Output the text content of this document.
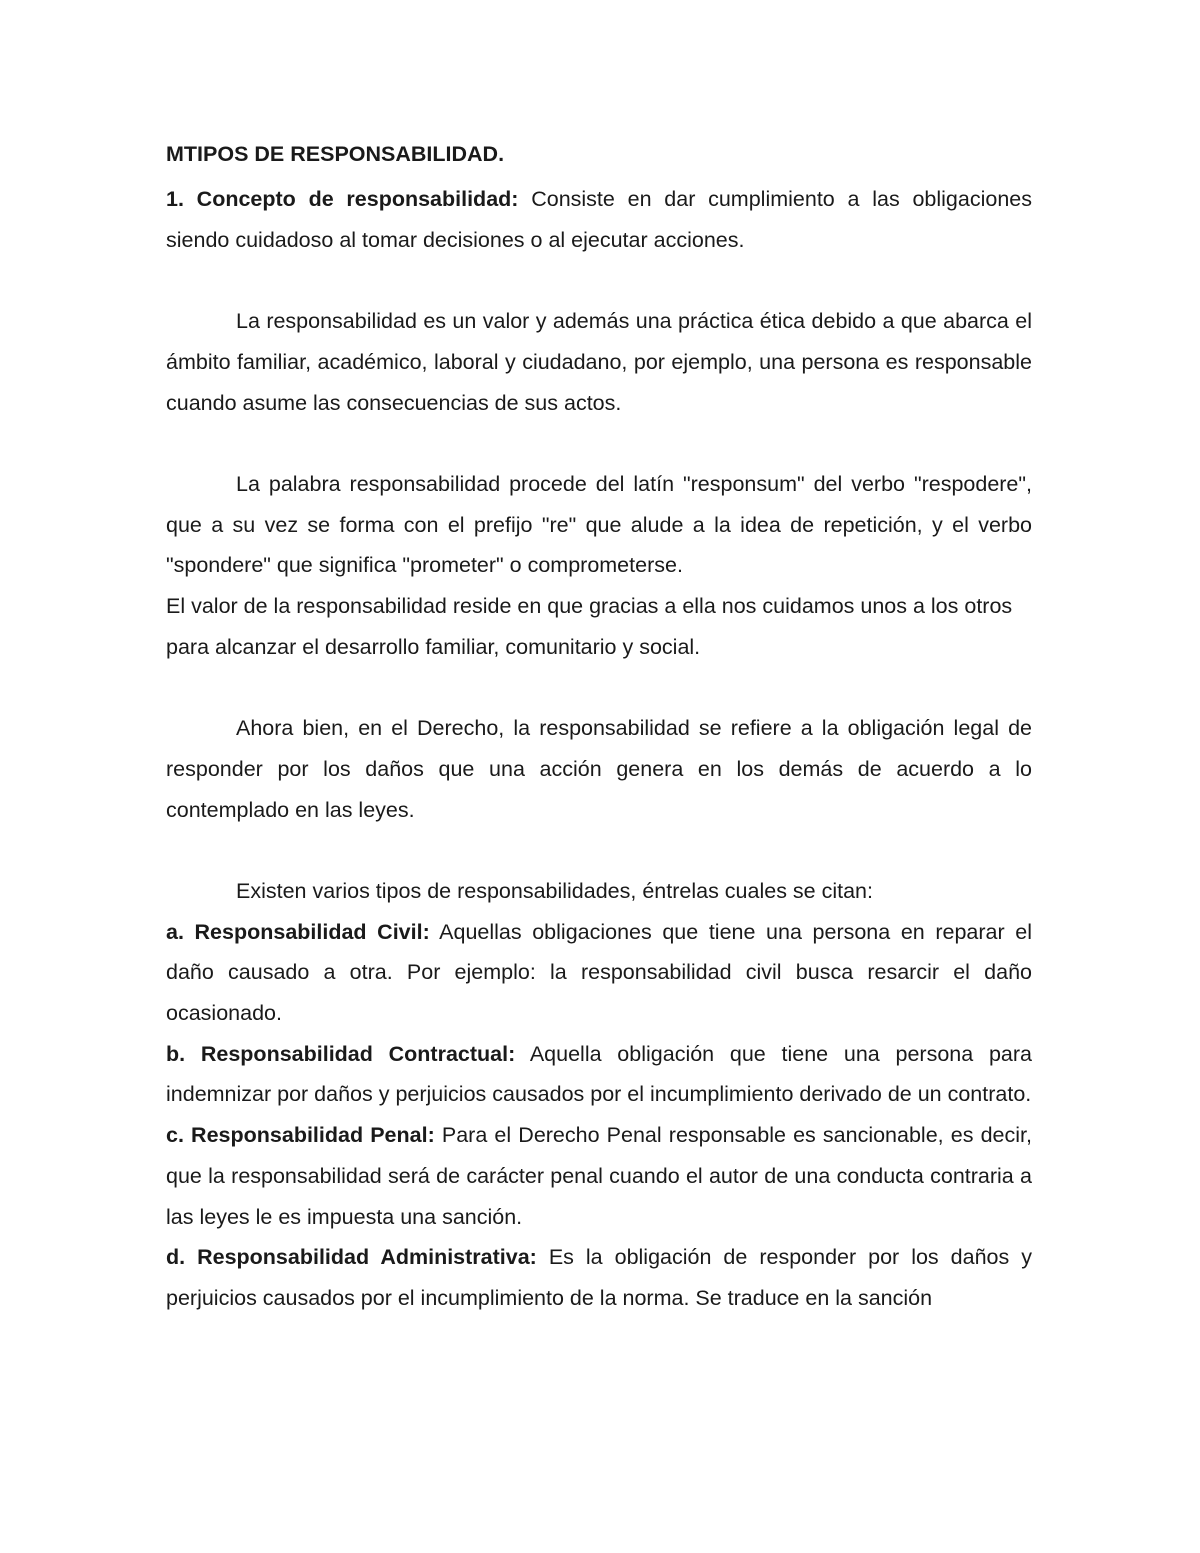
MTIPOS DE RESPONSABILIDAD.

1. Concepto de responsabilidad: Consiste en dar cumplimiento a las obligaciones siendo cuidadoso al tomar decisiones o al ejecutar acciones.

La responsabilidad es un valor y además una práctica ética debido a que abarca el ámbito familiar, académico, laboral y ciudadano, por ejemplo, una persona es responsable cuando asume las consecuencias de sus actos.

La palabra responsabilidad procede del latín "responsum" del verbo "respodere", que a su vez se forma con el prefijo "re" que alude a la idea de repetición, y el verbo "spondere" que significa "prometer" o comprometerse.

El valor de la responsabilidad reside en que gracias a ella nos cuidamos unos a los otros para alcanzar el desarrollo familiar, comunitario y social.

Ahora bien, en el Derecho, la responsabilidad se refiere a la obligación legal de responder por los daños que una acción genera en los demás de acuerdo a lo contemplado en las leyes.

Existen varios tipos de responsabilidades, éntrelas cuales se citan:

a. Responsabilidad Civil: Aquellas obligaciones que tiene una persona en reparar el daño causado a otra. Por ejemplo: la responsabilidad civil busca resarcir el daño ocasionado.

b. Responsabilidad Contractual: Aquella obligación que tiene una persona para indemnizar por daños y perjuicios causados por el incumplimiento derivado de un contrato.

c. Responsabilidad Penal: Para el Derecho Penal responsable es sancionable, es decir, que la responsabilidad será de carácter penal cuando el autor de una conducta contraria a las leyes le es impuesta una sanción.

d. Responsabilidad Administrativa: Es la obligación de responder por los daños y perjuicios causados por el incumplimiento de la norma. Se traduce en la sanción
